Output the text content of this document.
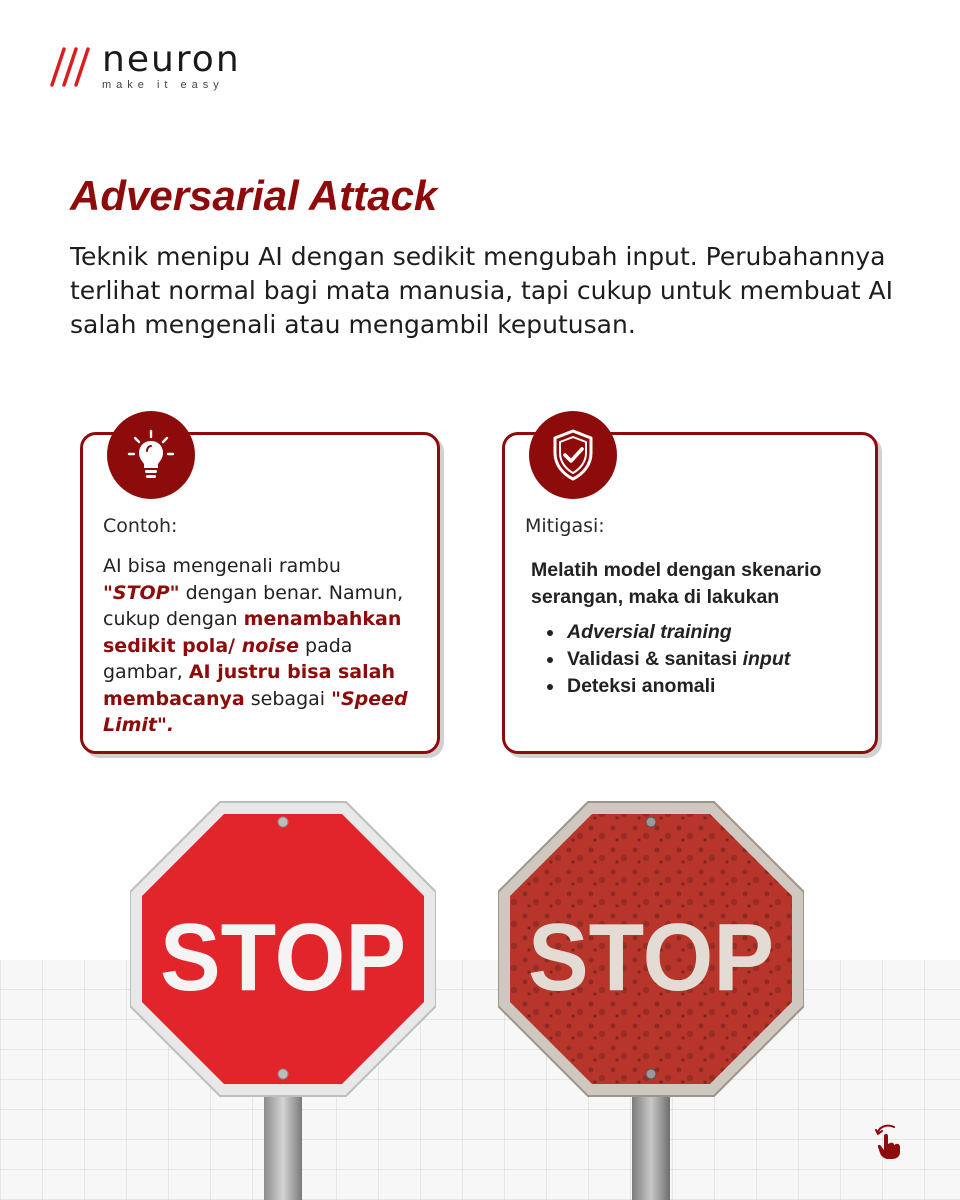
neuron
make it easy
Adversarial Attack

Teknik menipu AI dengan sedikit mengubah input. Perubahannya terlihat normal bagi mata manusia, tapi cukup untuk membuat AI salah mengenali atau mengambil keputusan.

Contoh:
AI bisa mengenali rambu "STOP" dengan benar. Namun, cukup dengan menambahkan sedikit pola/ noise pada gambar, AI justru bisa salah membacanya sebagai "Speed Limit".
Mitigasi:
Melatih model dengan skenario serangan, maka di lakukan
• Adversial training
• Validasi & sanitasi input
• Deteksi anomali
STOP STOP
